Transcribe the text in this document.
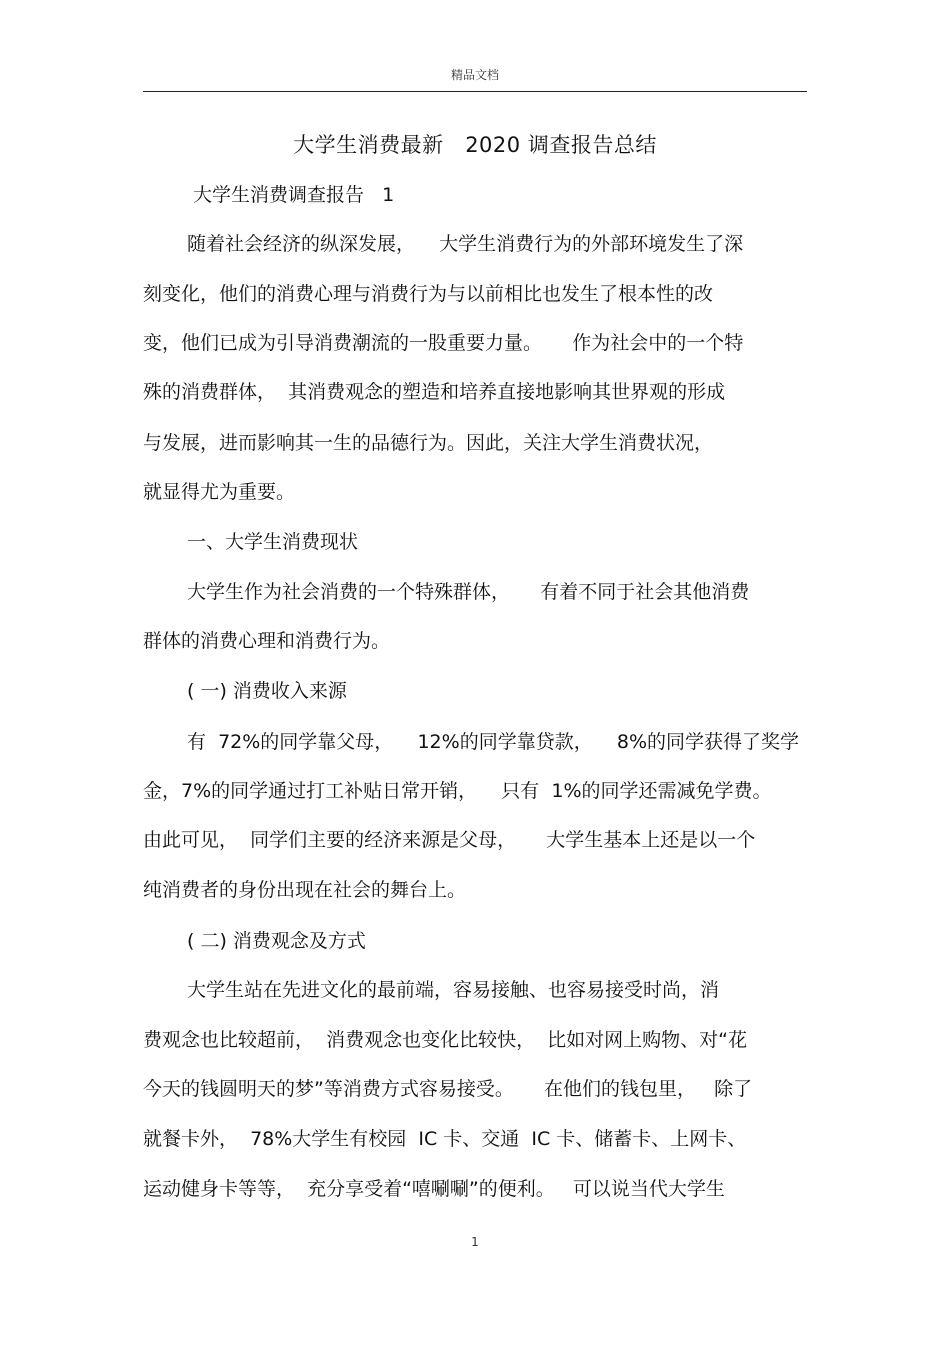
精品文档
大学生消费最新   2020 调查报告总结
大学生消费调查报告   1
随着社会经济的纵深发展，    大学生消费行为的外部环境发生了深
刻变化，他们的消费心理与消费行为与以前相比也发生了根本性的改
变，他们已成为引导消费潮流的一股重要力量。     作为社会中的一个特
殊的消费群体，  其消费观念的塑造和培养直接地影响其世界观的形成
与发展，进而影响其一生的品德行为。因此，关注大学生消费状况，
就显得尤为重要。
一、大学生消费现状
大学生作为社会消费的一个特殊群体，     有着不同于社会其他消费
群体的消费心理和消费行为。
( 一) 消费收入来源
有  72%的同学靠父母，    12%的同学靠贷款，    8%的同学获得了奖学
金，7%的同学通过打工补贴日常开销，    只有  1%的同学还需减免学费。
由此可见，  同学们主要的经济来源是父母，     大学生基本上还是以一个
纯消费者的身份出现在社会的舞台上。
( 二) 消费观念及方式
大学生站在先进文化的最前端，容易接触、也容易接受时尚，消
费观念也比较超前，  消费观念也变化比较快，  比如对网上购物、对“花
今天的钱圆明天的梦”等消费方式容易接受。     在他们的钱包里，   除了
就餐卡外，  78%大学生有校园  IC 卡、交通  IC 卡、储蓄卡、上网卡、
运动健身卡等等，  充分享受着“嘻唰唰”的便利。   可以说当代大学生
1
